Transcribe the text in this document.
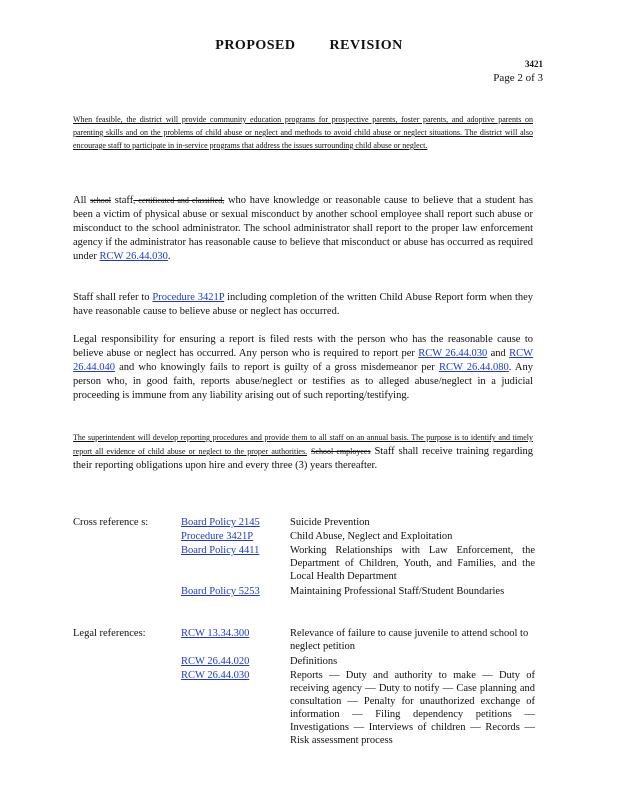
PROPOSED REVISION
3421
Page 2 of 3
When feasible, the district will provide community education programs for prospective parents, foster parents, and adoptive parents on parenting skills and on the problems of child abuse or neglect and methods to avoid child abuse or neglect situations. The district will also encourage staff to participate in in-service programs that address the issues surrounding child abuse or neglect.
All school staff, certificated and classified, who have knowledge or reasonable cause to believe that a student has been a victim of physical abuse or sexual misconduct by another school employee shall report such abuse or misconduct to the school administrator. The school administrator shall report to the proper law enforcement agency if the administrator has reasonable cause to believe that misconduct or abuse has occurred as required under RCW 26.44.030.
Staff shall refer to Procedure 3421P including completion of the written Child Abuse Report form when they have reasonable cause to believe abuse or neglect has occurred.
Legal responsibility for ensuring a report is filed rests with the person who has the reasonable cause to believe abuse or neglect has occurred. Any person who is required to report per RCW 26.44.030 and RCW 26.44.040 and who knowingly fails to report is guilty of a gross misdemeanor per RCW 26.44.080. Any person who, in good faith, reports abuse/neglect or testifies as to alleged abuse/neglect in a judicial proceeding is immune from any liability arising out of such reporting/testifying.
The superintendent will develop reporting procedures and provide them to all staff on an annual basis. The purpose is to identify and timely report all evidence of child abuse or neglect to the proper authorities. School employees Staff shall receive training regarding their reporting obligations upon hire and every three (3) years thereafter.
Cross reference s:	Board Policy 2145	Suicide Prevention
Procedure 3421P	Child Abuse, Neglect and Exploitation
Board Policy 4411	Working Relationships with Law Enforcement, the Department of Children, Youth, and Families, and the Local Health Department
Board Policy 5253	Maintaining Professional Staff/Student Boundaries
Legal references:	RCW 13.34.300	Relevance of failure to cause juvenile to attend school to neglect petition
RCW 26.44.020	Definitions
RCW 26.44.030	Reports — Duty and authority to make — Duty of receiving agency — Duty to notify — Case planning and consultation — Penalty for unauthorized exchange of information — Filing dependency petitions — Investigations — Interviews of children — Records — Risk assessment process
